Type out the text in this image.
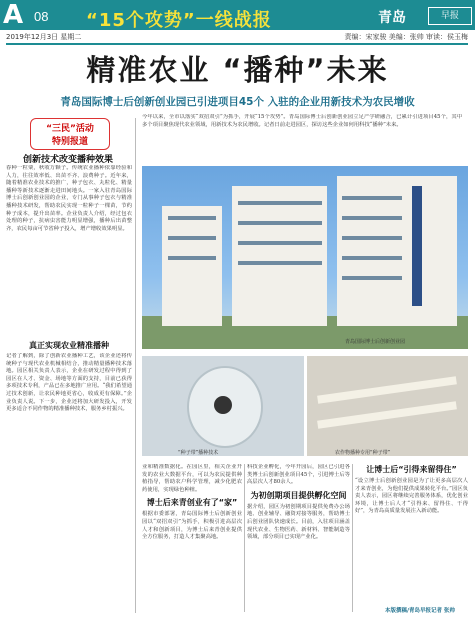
A 08 “15个攻势”一线战报	青岛	早报
2019年12月3日 星期二	责编：宋家骏 美编：张帅 审读：侯玉梅
精准农业 “播种”未来
青岛国际博士后创新创业园已引进项目45个 入驻的企业用新技术为农民增收
“三民”活动
特别报道
创新技术改变播种效果
春种一粒粟，秋收万颗子。传统农业播种依靠经验和人力，往往效率低、出苗不齐、浪费种子。近年来，随着精准农业技术的推广，种子包衣、丸粒化、精量播种等新技术逐渐走进田间地头。一家入驻青岛国际博士后创新创业园的企业，专门从事种子包衣与精准播种技术研发，帮助农民实现一粒种子一棵苗，节约种子成本，提升出苗率。企业负责人介绍，经过包衣处理的种子，抗病虫害能力明显增强，播种后出苗整齐，农民每亩可节省种子投入，增产增收效果明显。
真正实现农业精准播种
记者了解到，除了创新农业播种工艺，该企业还将传统种子与现代农业机械相结合，推动精量播种技术落地。园区相关负责人表示，企业在研发过程中得到了园区在人才、资金、场地等方面的支持，目前已获得多项技术专利，产品已在多地推广应用。“我们希望通过技术创新，让农民种地更省心，收成更有保障。”企业负责人说。下一步，企业还将加大研发投入，开发更多适合不同作物的精准播种技术，服务乡村振兴。
今年以来，全市以落实“双招双引”为抓手，开展“15个攻势”。青岛国际博士后创新创业园立足产学研融合，已累计引进项目45个，其中多个项目聚焦现代农业领域，用新技术为农民增收。记者日前走进园区，探访这些企业如何用科技“播种”未来。
青岛国际博士后创新创业园
“种子带”播种技术	农作物播种专用“种子带”
业和精准数据化。在园区里，相关企业开发的农业大数据平台，可以为农民提供种植指导，帮助农户科学管理，减少化肥农药使用，实现绿色种植。
博士后来青创业有了“家”
根据市委部署，青岛国际博士后创新创业园以“双招双引”为抓手，积极引进高层次人才和创新项目，为博士后来青创业提供全方位服务，打造人才集聚高地。
科技企业孵化，今年开园后，园区已引进各类博士后创新创业项目45个，引进博士后等高层次人才80余人。
为初创期项目提供孵化空间
据介绍，园区为初创期项目提供免费办公场地、创业辅导、融资对接等服务，帮助博士后创业团队快速成长。目前，入驻项目涵盖现代农业、生物医药、新材料、智能制造等领域，部分项目已实现产业化。
让博士后“引得来留得住”
“设立博士后创新创业园是为了让更多高层次人才来青创业，为他们提供成果转化平台。”园区负责人表示，园区将继续完善服务体系，优化创业环境，让博士后人才“引得来、留得住、干得好”，为青岛高质量发展注入新动能。
本版撰稿/青岛早报记者 张帅
